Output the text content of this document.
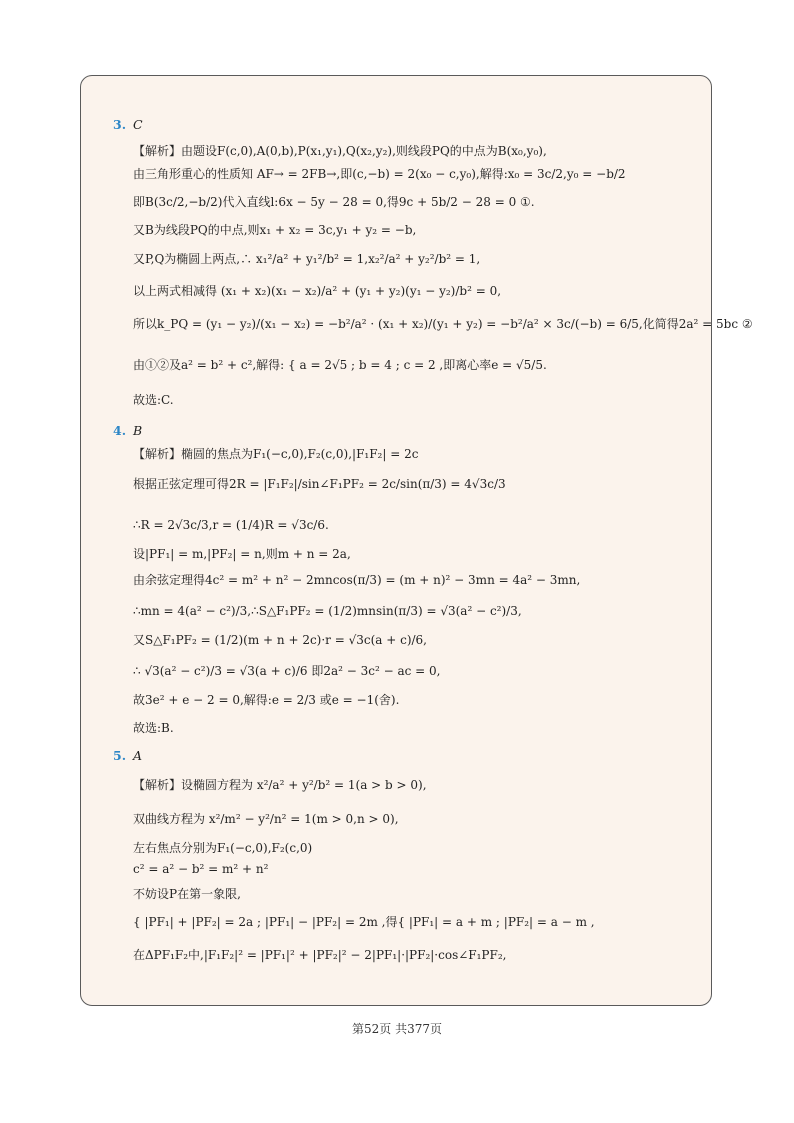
3. C
【解析】由题设F(c,0),A(0,b),P(x₁,y₁),Q(x₂,y₂),则线段PQ的中点为B(x₀,y₀),
由三角形重心的性质知 AF→ = 2FB→,即(c,−b) = 2(x₀ − c,y₀),解得:x₀ = 3c/2,y₀ = −b/2
即B(3c/2,−b/2)代入直线l:6x − 5y − 28 = 0,得9c + 5b/2 − 28 = 0 ①.
又B为线段PQ的中点,则x₁ + x₂ = 3c,y₁ + y₂ = −b,
又P,Q为椭圆上两点,∴ x₁²/a² + y₁²/b² = 1,x₂²/a² + y₂²/b² = 1,
以上两式相减得 (x₁ + x₂)(x₁ − x₂)/a² + (y₁ + y₂)(y₁ − y₂)/b² = 0,
所以k_PQ = (y₁ − y₂)/(x₁ − x₂) = −b²/a² · (x₁ + x₂)/(y₁ + y₂) = −b²/a² × 3c/(−b) = 6/5,化简得2a² = 5bc ②
由①②及a² = b² + c²,解得: { a = 2√5 ; b = 4 ; c = 2 ,即离心率e = √5/5.
故选:C.
4. B
【解析】椭圆的焦点为F₁(−c,0),F₂(c,0),|F₁F₂| = 2c
根据正弦定理可得2R = |F₁F₂|/sin∠F₁PF₂ = 2c/sin(π/3) = 4√3c/3
∴R = 2√3c/3,r = (1/4)R = √3c/6.
设|PF₁| = m,|PF₂| = n,则m + n = 2a,
由余弦定理得4c² = m² + n² − 2mncos(π/3) = (m + n)² − 3mn = 4a² − 3mn,
∴mn = 4(a² − c²)/3,∴S△F₁PF₂ = (1/2)mnsin(π/3) = √3(a² − c²)/3,
又S△F₁PF₂ = (1/2)(m + n + 2c)·r = √3c(a + c)/6,
∴ √3(a² − c²)/3 = √3(a + c)/6 即2a² − 3c² − ac = 0,
故3e² + e − 2 = 0,解得:e = 2/3 或e = −1(舍).
故选:B.
5. A
【解析】设椭圆方程为 x²/a² + y²/b² = 1(a > b > 0),
双曲线方程为 x²/m² − y²/n² = 1(m > 0,n > 0),
左右焦点分别为F₁(−c,0),F₂(c,0)
c² = a² − b² = m² + n²
不妨设P在第一象限,
{ |PF₁| + |PF₂| = 2a ; |PF₁| − |PF₂| = 2m ,得{ |PF₁| = a + m ; |PF₂| = a − m ,
在ΔPF₁F₂中,|F₁F₂|² = |PF₁|² + |PF₂|² − 2|PF₁|·|PF₂|·cos∠F₁PF₂,
第52页 共377页
